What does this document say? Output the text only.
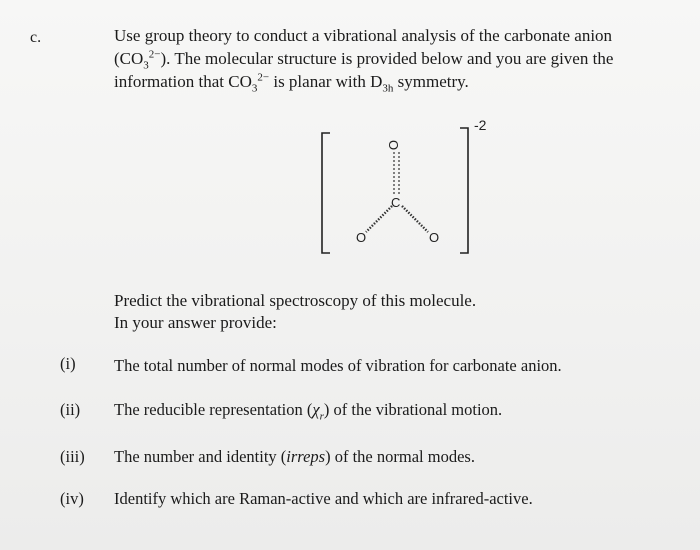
c.	Use group theory to conduct a vibrational analysis of the carbonate anion
$(CO_3^{2-})$. The molecular structure is provided below and you are given the
information that $CO_3^{2-}$ is planar with $D_{3h}$ symmetry.
-2
O
C
O	O
Predict the vibrational spectroscopy of this molecule.
In your answer provide:
(i) The total number of normal modes of vibration for carbonate anion.
(ii) The reducible representation $(\chi_r)$ of the vibrational motion.
(iii) The number and identity (irreps) of the normal modes.
(iv) Identify which are Raman-active and which are infrared-active.
